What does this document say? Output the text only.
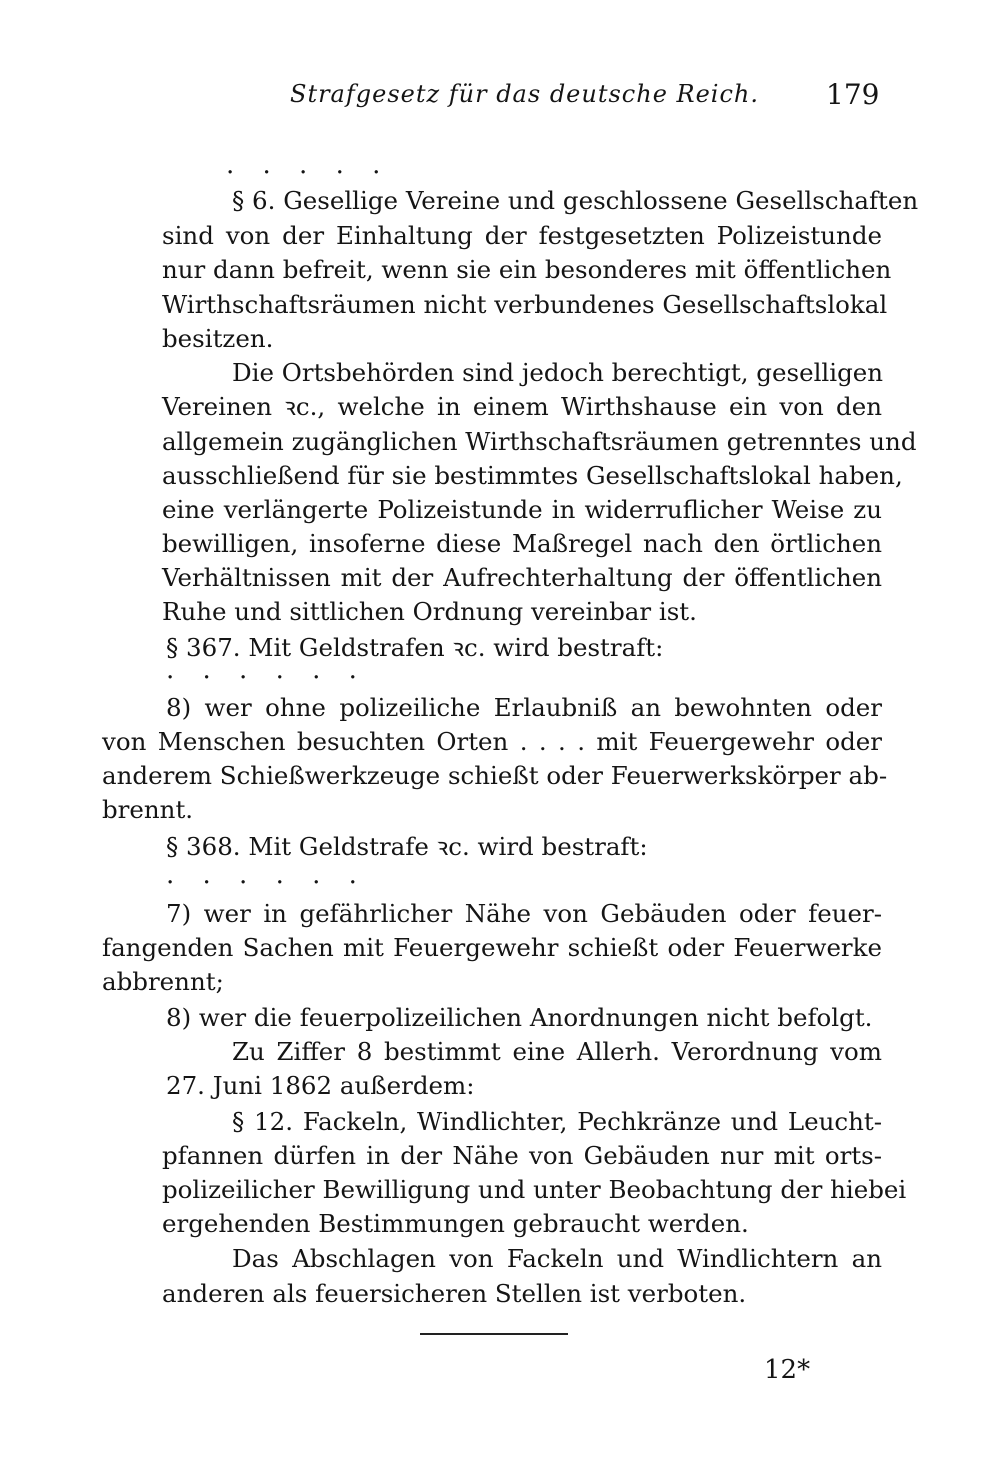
Strafgesetz für das deutsche Reich. 179
. . . . .
§ 6. Gesellige Vereine und geschlossene Gesellschaften
sind von der Einhaltung der festgesetzten Polizeistunde
nur dann befreit, wenn sie ein besonderes mit öffentlichen
Wirthschaftsräumen nicht verbundenes Gesellschaftslokal
besitzen.
Die Ortsbehörden sind jedoch berechtigt, geselligen
Vereinen ꝛc., welche in einem Wirthshause ein von den
allgemein zugänglichen Wirthschaftsräumen getrenntes und
ausschließend für sie bestimmtes Gesellschaftslokal haben,
eine verlängerte Polizeistunde in widerruflicher Weise zu
bewilligen, insoferne diese Maßregel nach den örtlichen
Verhältnissen mit der Aufrechterhaltung der öffentlichen
Ruhe und sittlichen Ordnung vereinbar ist.
§ 367. Mit Geldstrafen ꝛc. wird bestraft:
. . . . . .
8) wer ohne polizeiliche Erlaubniß an bewohnten oder
von Menschen besuchten Orten . . . . mit Feuergewehr oder
anderem Schießwerkzeuge schießt oder Feuerwerkskörper ab-
brennt.
§ 368. Mit Geldstrafe ꝛc. wird bestraft:
. . . . . .
7) wer in gefährlicher Nähe von Gebäuden oder feuer-
fangenden Sachen mit Feuergewehr schießt oder Feuerwerke
abbrennt;
8) wer die feuerpolizeilichen Anordnungen nicht befolgt.
Zu Ziffer 8 bestimmt eine Allerh. Verordnung vom
27. Juni 1862 außerdem:
§ 12. Fackeln, Windlichter, Pechkränze und Leucht-
pfannen dürfen in der Nähe von Gebäuden nur mit orts-
polizeilicher Bewilligung und unter Beobachtung der hiebei
ergehenden Bestimmungen gebraucht werden.
Das Abschlagen von Fackeln und Windlichtern an
anderen als feuersicheren Stellen ist verboten.
12*
